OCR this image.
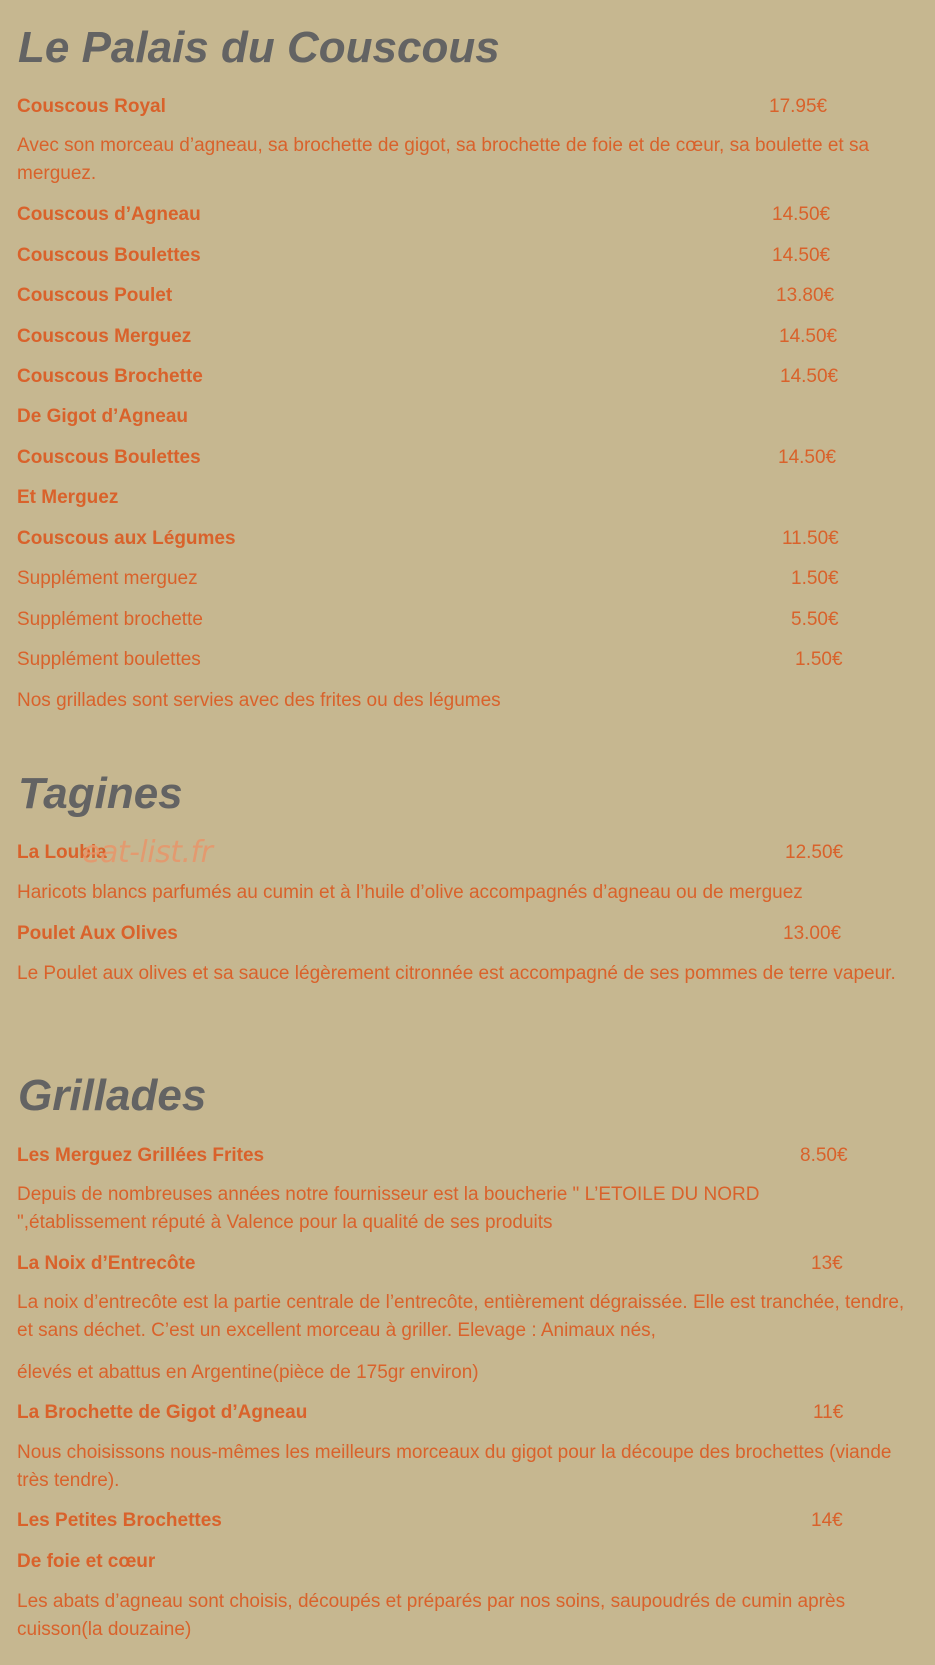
Le Palais du Couscous
Couscous Royal	17.95€
Avec son morceau d’agneau, sa brochette de gigot, sa brochette de foie et de cœur, sa boulette et sa merguez.
Couscous d’Agneau	14.50€
Couscous Boulettes	14.50€
Couscous Poulet	13.80€
Couscous Merguez	14.50€
Couscous Brochette	14.50€
De Gigot d’Agneau
Couscous Boulettes	14.50€
Et Merguez
Couscous aux Légumes	11.50€
Supplément merguez	1.50€
Supplément brochette	5.50€
Supplément boulettes	1.50€
Nos grillades sont servies avec des frites ou des légumes
Tagines
La Loubia	12.50€
eat-list.fr
Haricots blancs parfumés au cumin et à l’huile d’olive accompagnés d’agneau ou de merguez
Poulet Aux Olives	13.00€
Le Poulet aux olives et sa sauce légèrement citronnée est accompagné de ses pommes de terre vapeur.
Grillades
Les Merguez Grillées Frites	8.50€
Depuis de nombreuses années notre fournisseur est la boucherie " L’ETOILE DU NORD ",établissement réputé à Valence pour la qualité de ses produits
La Noix d’Entrecôte	13€
La noix d’entrecôte est la partie centrale de l’entrecôte, entièrement dégraissée. Elle est tranchée, tendre, et sans déchet. C’est un excellent morceau à griller. Elevage : Animaux nés,
élevés et abattus en Argentine(pièce de 175gr environ)
La Brochette de Gigot d’Agneau	11€
Nous choisissons nous-mêmes les meilleurs morceaux du gigot pour la découpe des brochettes (viande très tendre).
Les Petites Brochettes	14€
De foie et cœur
Les abats d’agneau sont choisis, découpés et préparés par nos soins, saupoudrés de cumin après cuisson(la douzaine)
